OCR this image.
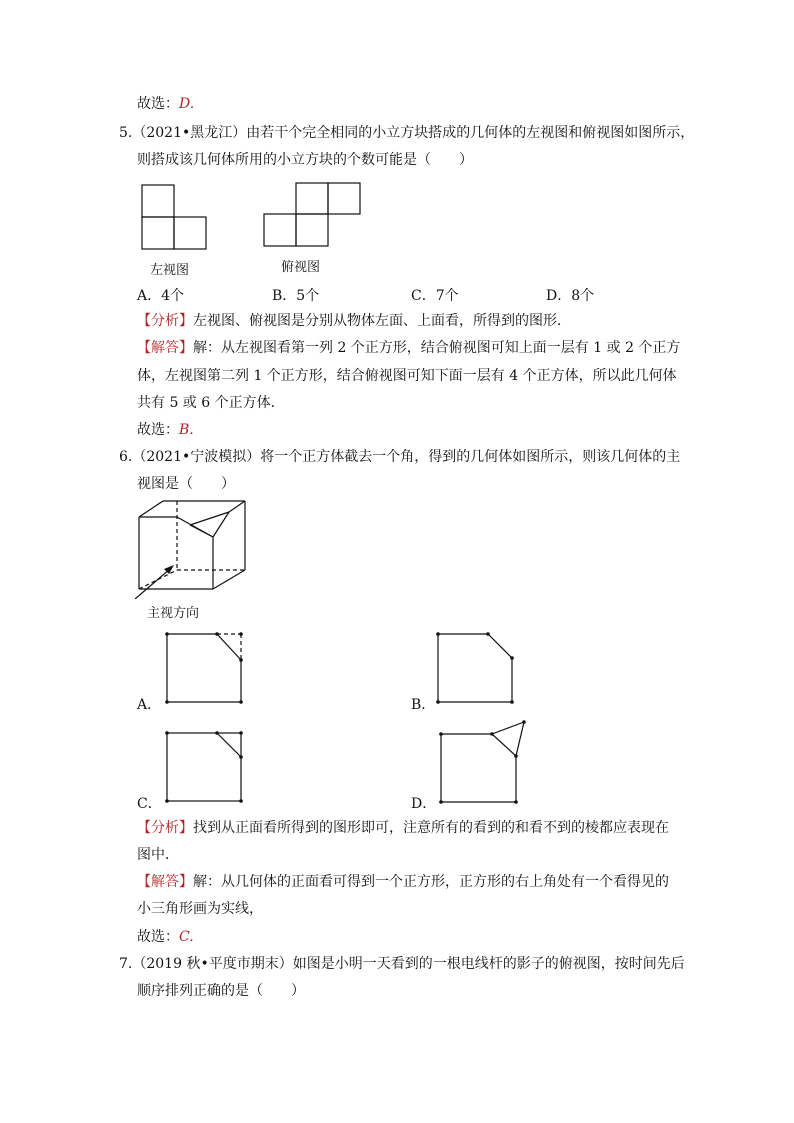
故选：D.
5.（2021•黑龙江）由若干个完全相同的小立方块搭成的几何体的左视图和俯视图如图所示，
则搭成该几何体所用的小立方块的个数可能是（　　）
左视图	俯视图
A．4个	B．5个	C．7个	D．8个
【分析】左视图、俯视图是分别从物体左面、上面看，所得到的图形．
【解答】解：从左视图看第一列 2 个正方形，结合俯视图可知上面一层有 1 或 2 个正方
体，左视图第二列 1 个正方形，结合俯视图可知下面一层有 4 个正方体，所以此几何体
共有 5 或 6 个正方体．
故选：B.
6.（2021•宁波模拟）将一个正方体截去一个角，得到的几何体如图所示，则该几何体的主
视图是（　　）
主视方向
A．	B．
C．	D．
【分析】找到从正面看所得到的图形即可，注意所有的看到的和看不到的棱都应表现在
图中．
【解答】解：从几何体的正面看可得到一个正方形，正方形的右上角处有一个看得见的
小三角形画为实线，
故选：C.
7.（2019 秋•平度市期末）如图是小明一天看到的一根电线杆的影子的俯视图，按时间先后
顺序排列正确的是（　　）
